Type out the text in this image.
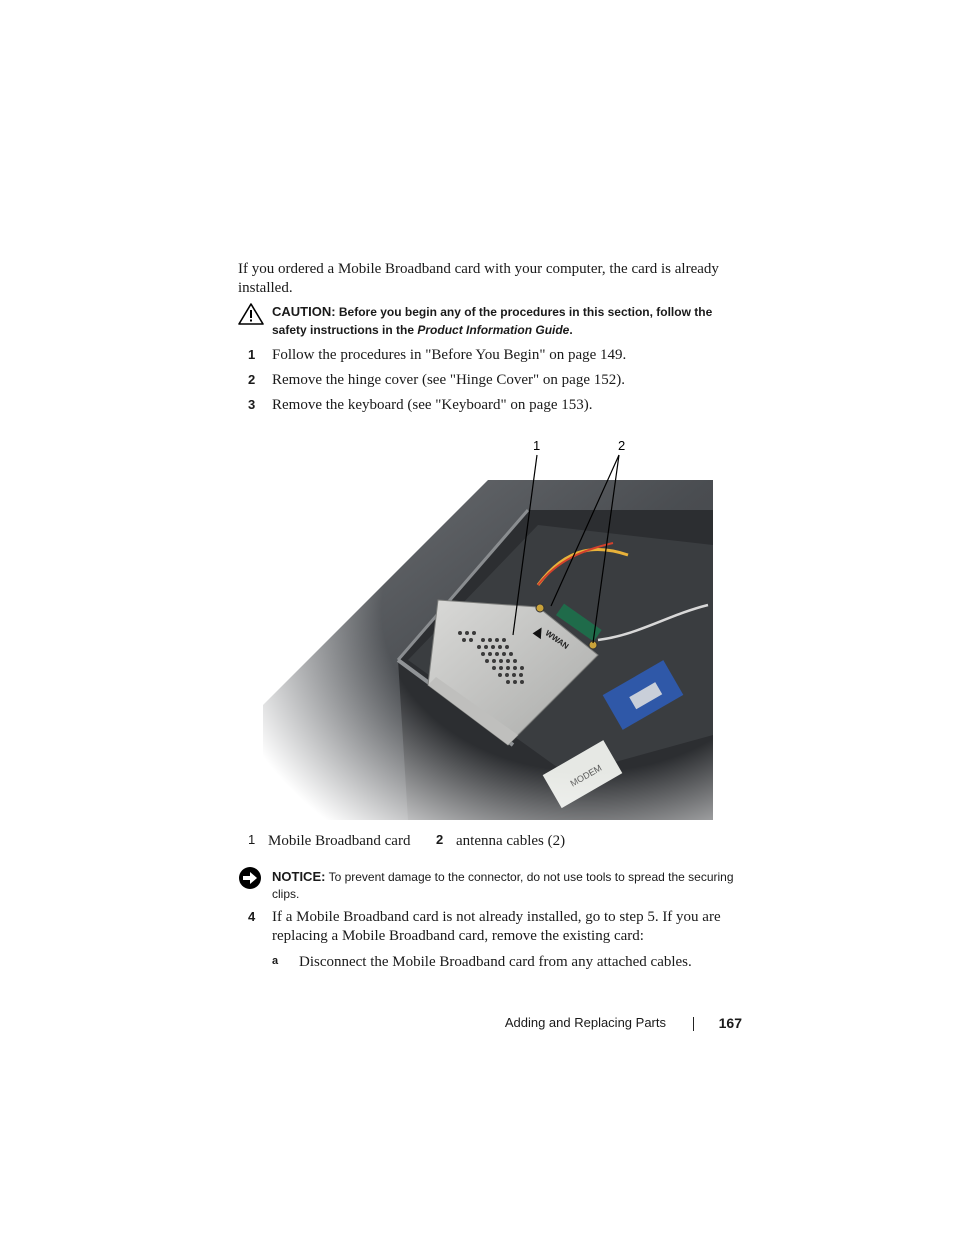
If you ordered a Mobile Broadband card with your computer, the card is already installed.
CAUTION: Before you begin any of the procedures in this section, follow the safety instructions in the Product Information Guide.
1 Follow the procedures in "Before You Begin" on page 149.
2 Remove the hinge cover (see "Hinge Cover" on page 152).
3 Remove the keyboard (see "Keyboard" on page 153).
1	2
1 Mobile Broadband card 2 antenna cables (2)
NOTICE: To prevent damage to the connector, do not use tools to spread the securing clips.
4 If a Mobile Broadband card is not already installed, go to step 5. If you are replacing a Mobile Broadband card, remove the existing card:
a Disconnect the Mobile Broadband card from any attached cables.
Adding and Replacing Parts	167
